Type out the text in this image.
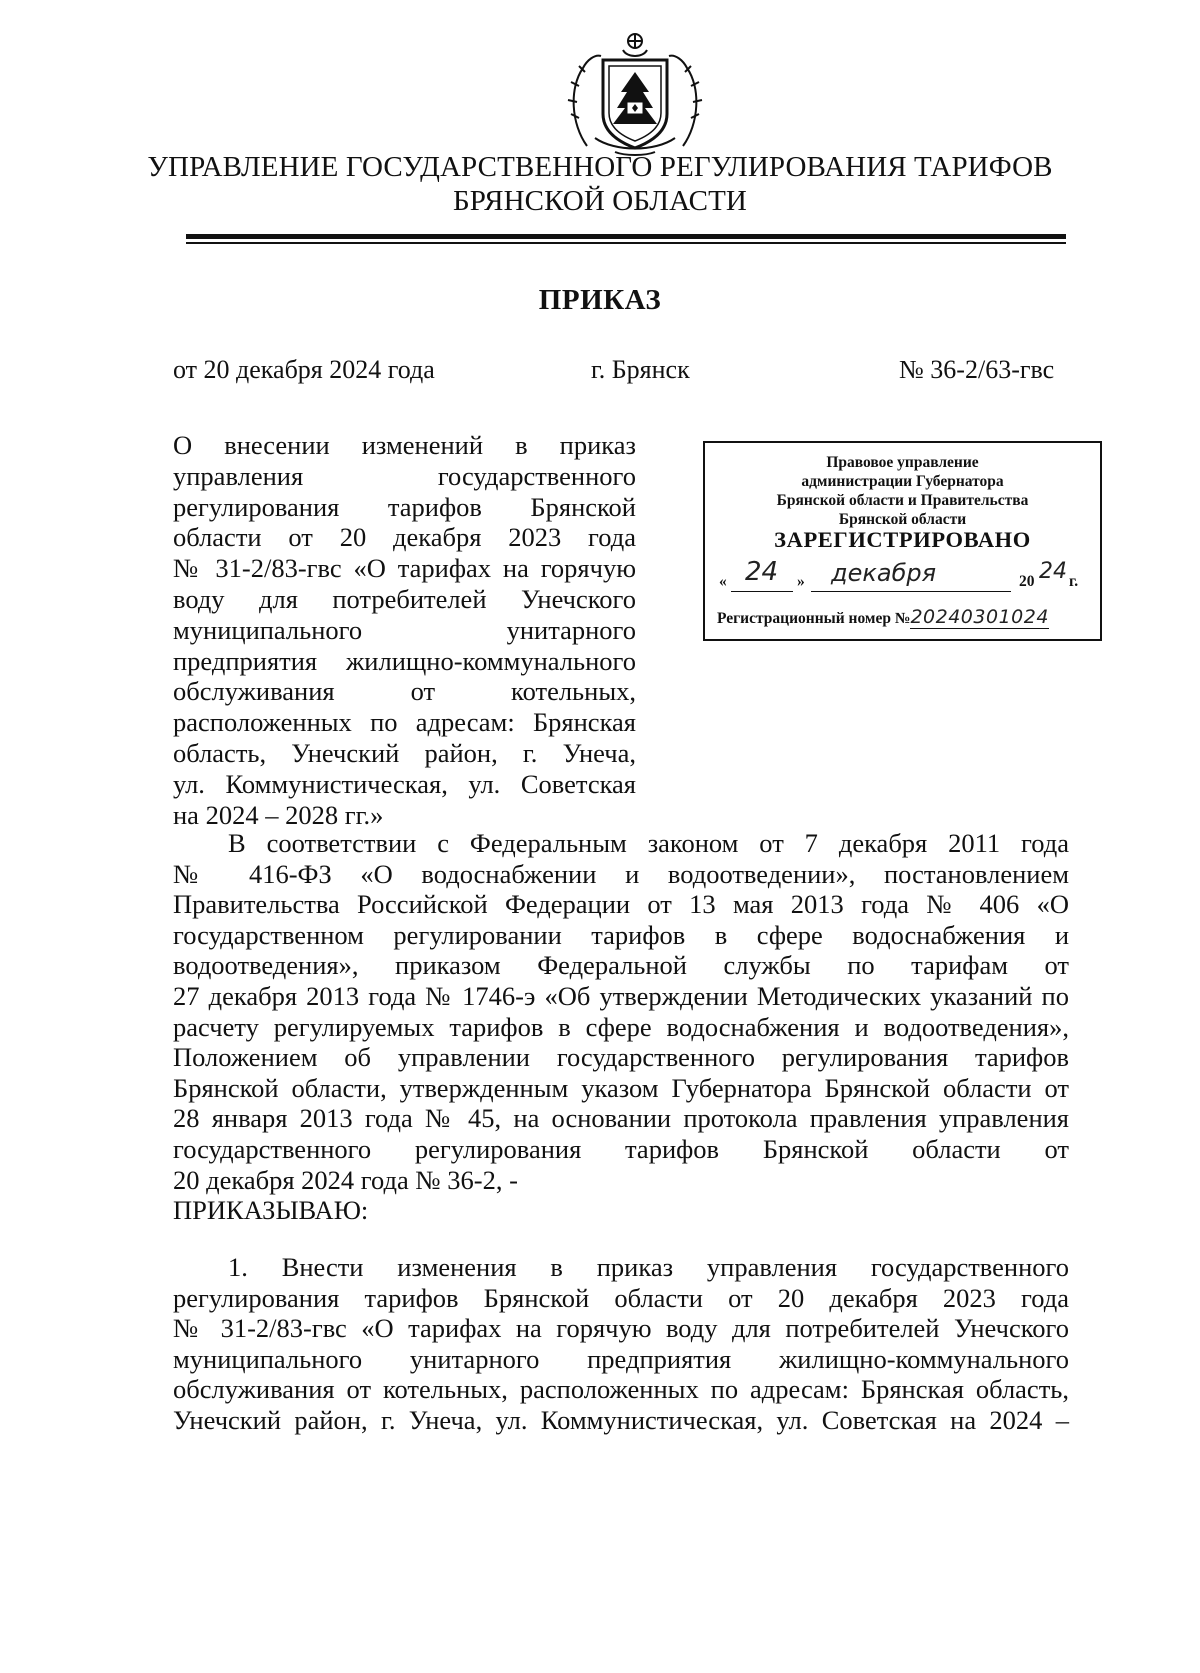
УПРАВЛЕНИЕ ГОСУДАРСТВЕННОГО РЕГУЛИРОВАНИЯ ТАРИФОВ
БРЯНСКОЙ ОБЛАСТИ
ПРИКАЗ
от 20 декабря 2024 года	г. Брянск	№ 36-2/63-гвс
О внесении изменений в приказ
управления государственного
регулирования тарифов Брянской
области от 20 декабря 2023 года
№ 31-2/83-гвс «О тарифах на горячую
воду для потребителей Унечского
муниципального унитарного
предприятия жилищно-коммунального
обслуживания от котельных,
расположенных по адресам: Брянская
область, Унечский район, г. Унеча,
ул. Коммунистическая, ул. Советская
на 2024 – 2028 гг.»
Правовое управление
администрации Губернатора
Брянской области и Правительства
Брянской области
ЗАРЕГИСТРИРОВАНО
« 24 » декабря	20 24 г.
Регистрационный номер №20240301024
В соответствии с Федеральным законом от 7 декабря 2011 года
№ 416-ФЗ «О водоснабжении и водоотведении», постановлением
Правительства Российской Федерации от 13 мая 2013 года № 406 «О
государственном регулировании тарифов в сфере водоснабжения и
водоотведения», приказом Федеральной службы по тарифам от
27 декабря 2013 года № 1746-э «Об утверждении Методических указаний по
расчету регулируемых тарифов в сфере водоснабжения и водоотведения»,
Положением об управлении государственного регулирования тарифов
Брянской области, утвержденным указом Губернатора Брянской области от
28 января 2013 года № 45, на основании протокола правления управления
государственного регулирования тарифов Брянской области от
20 декабря 2024 года № 36-2, -
ПРИКАЗЫВАЮ:
1. Внести изменения в приказ управления государственного
регулирования тарифов Брянской области от 20 декабря 2023 года
№ 31-2/83-гвс «О тарифах на горячую воду для потребителей Унечского
муниципального унитарного предприятия жилищно-коммунального
обслуживания от котельных, расположенных по адресам: Брянская область,
Унечский район, г. Унеча, ул. Коммунистическая, ул. Советская на 2024 –
